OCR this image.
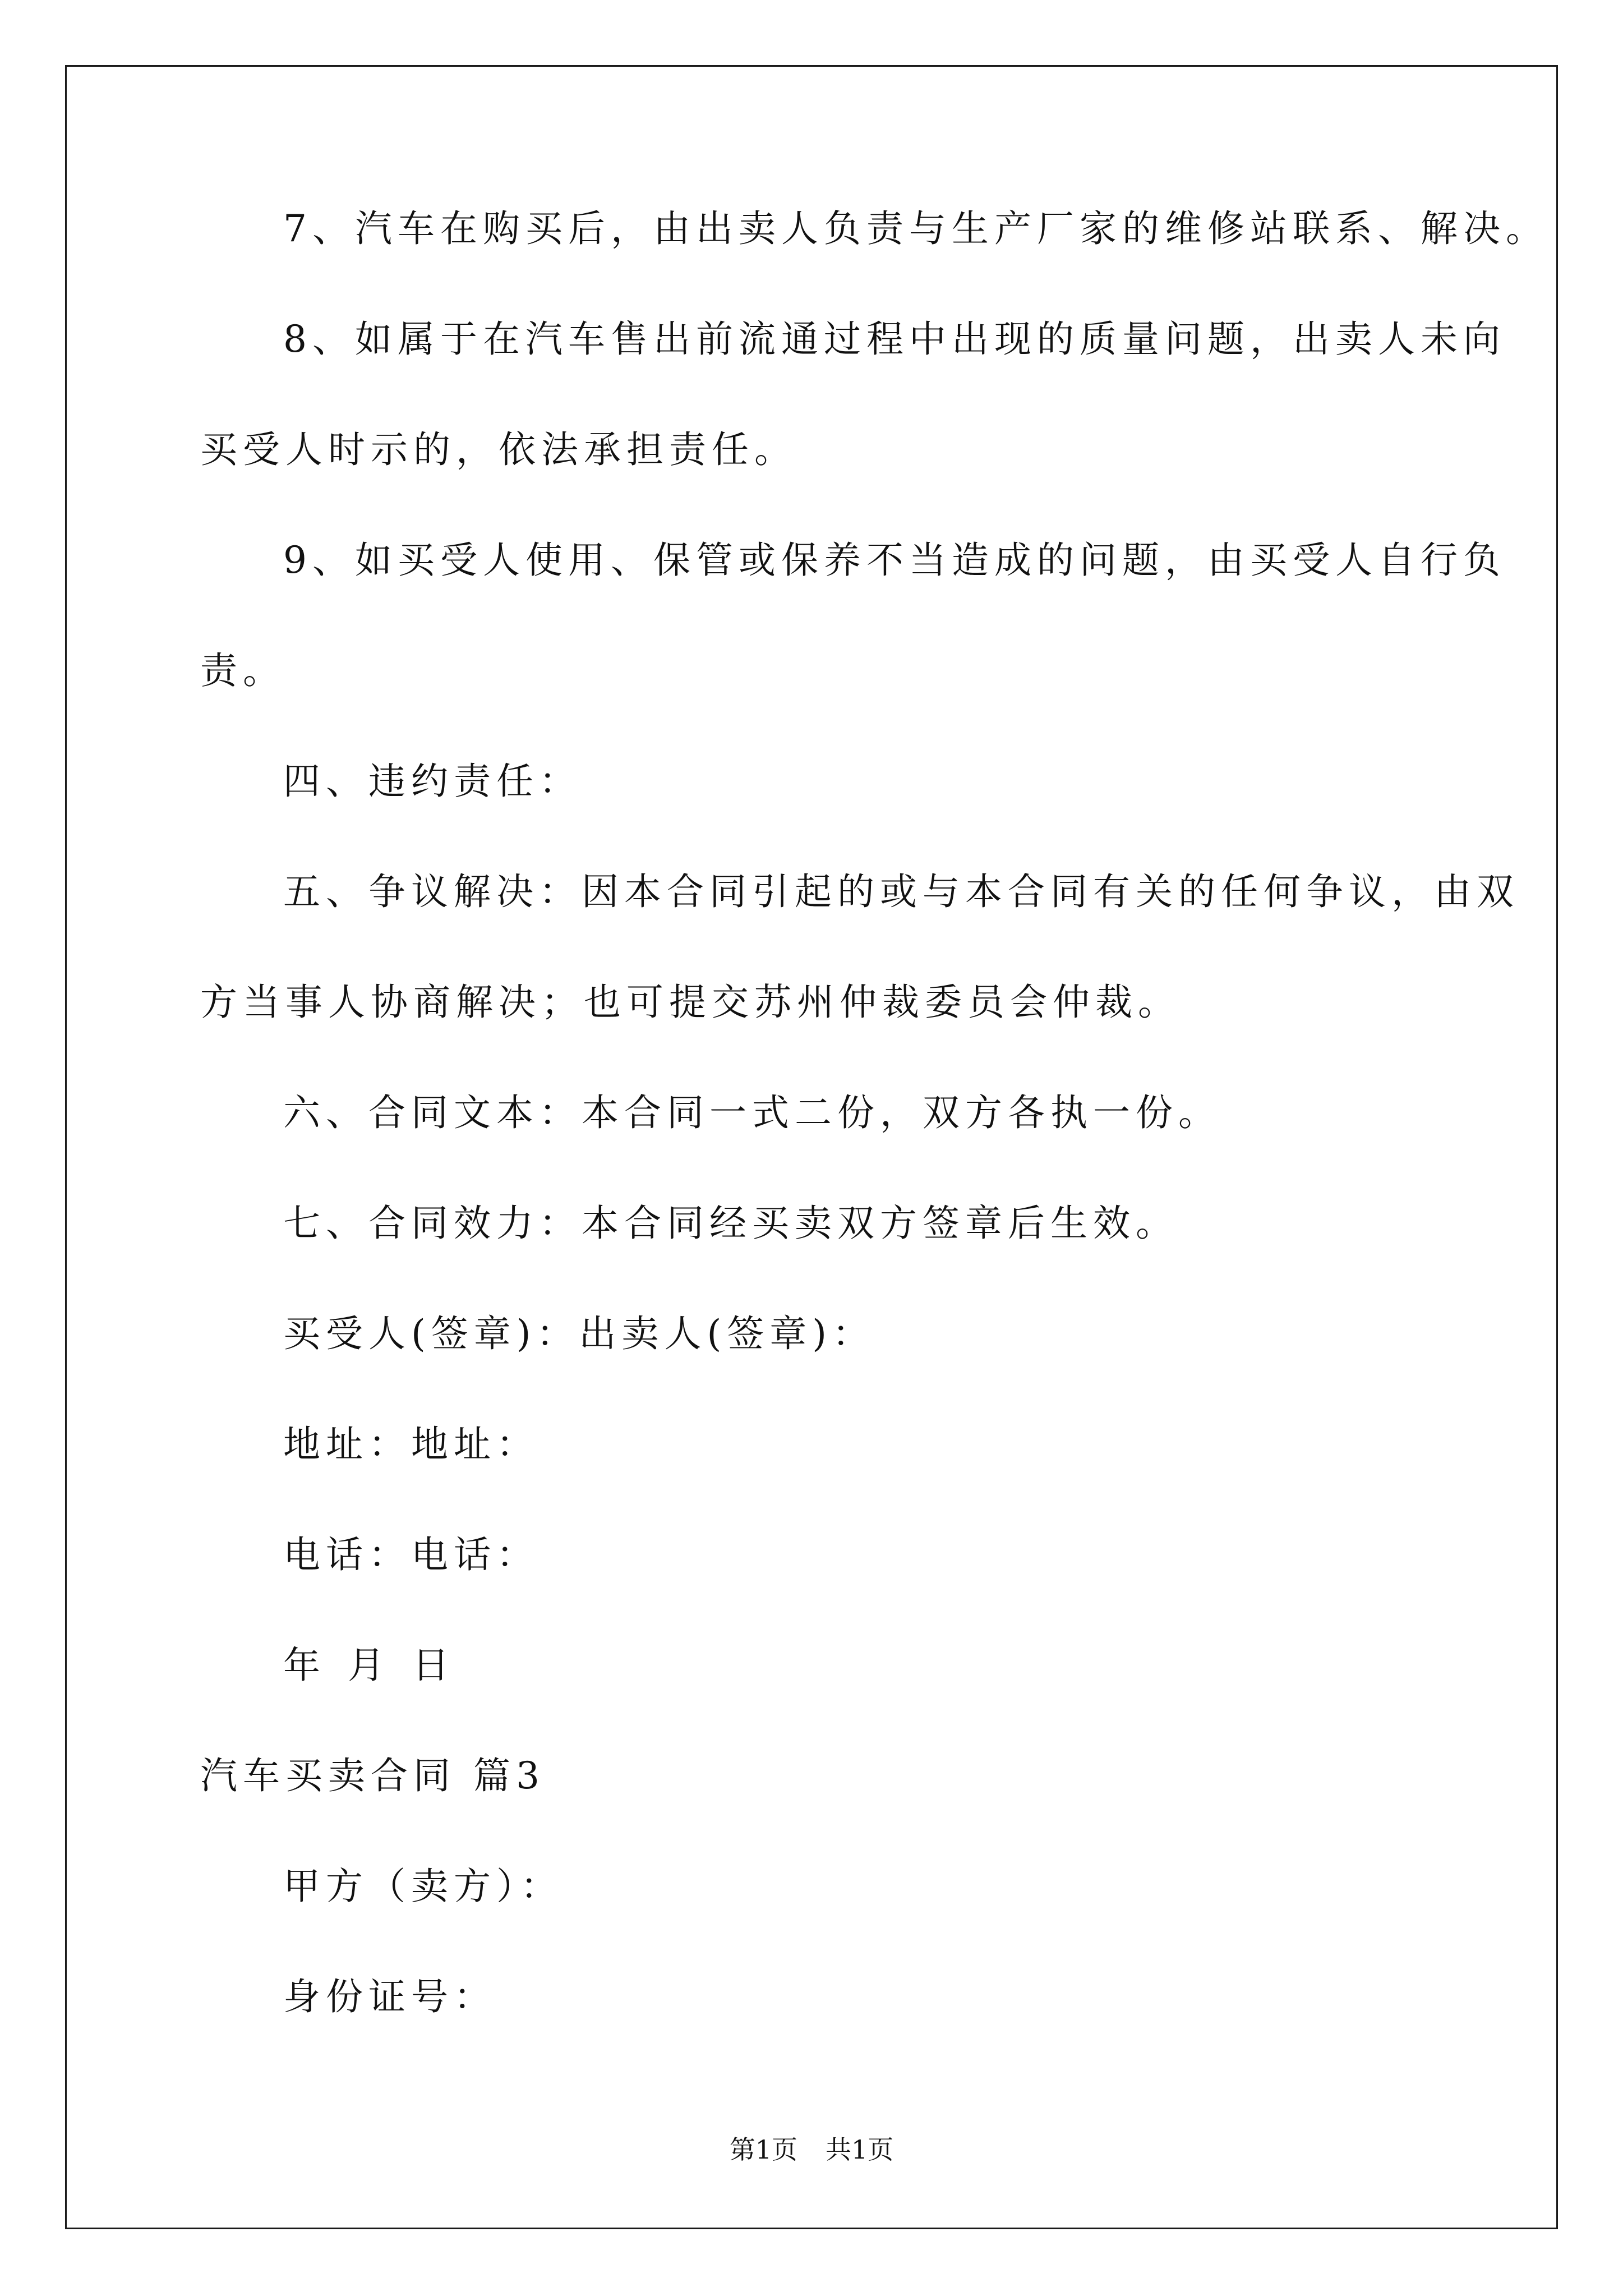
7、汽车在购买后，由出卖人负责与生产厂家的维修站联系、解决。
8、如属于在汽车售出前流通过程中出现的质量问题，出卖人未向
买受人时示的，依法承担责任。
9、如买受人使用、保管或保养不当造成的问题，由买受人自行负
责。
四、违约责任：
五、争议解决：因本合同引起的或与本合同有关的任何争议，由双
方当事人协商解决；也可提交苏州仲裁委员会仲裁。
六、合同文本：本合同一式二份，双方各执一份。
七、合同效力：本合同经买卖双方签章后生效。
买受人(签章)：出卖人(签章)：
地址：地址：
电话：电话：
年 月 日
汽车买卖合同 篇3
甲方（卖方）：
身份证号：
第1页 共1页
